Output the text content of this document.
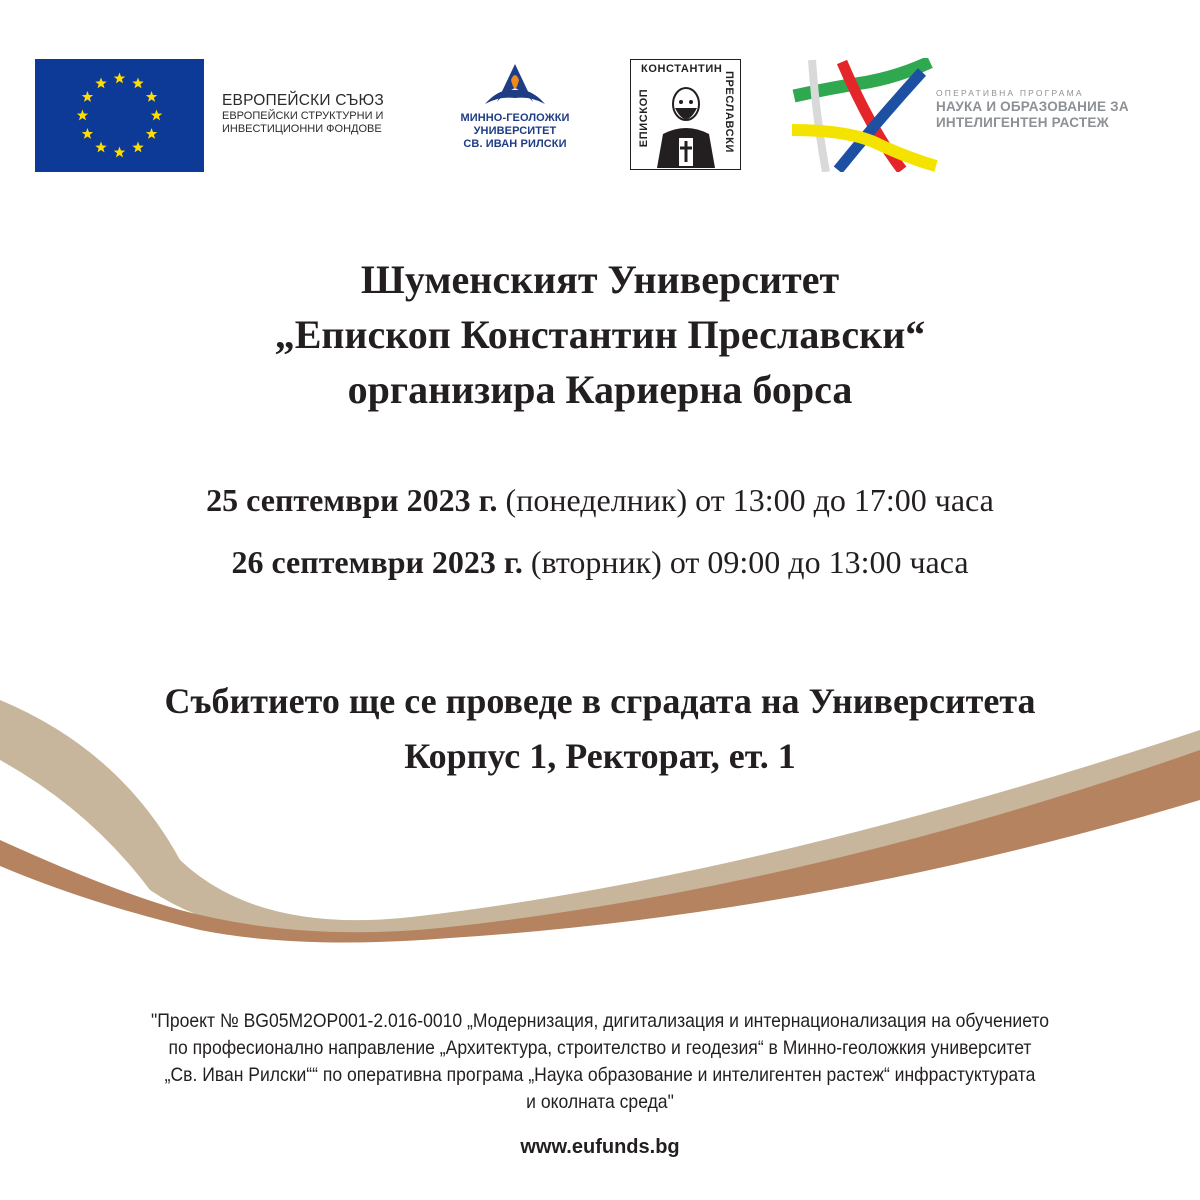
ЕВРОПЕЙСКИ СЪЮЗ
ЕВРОПЕЙСКИ СТРУКТУРНИ И
ИНВЕСТИЦИОННИ ФОНДОВЕ
МИННО-ГЕОЛОЖКИ
УНИВЕРСИТЕТ
СВ. ИВАН РИЛСКИ
КОНСТАНТИН
ЕПИСКОП	ПРЕСЛАВСКИ	ОПЕРАТИВНА ПРОГРАМА
НАУКА И ОБРАЗОВАНИЕ ЗА
ИНТЕЛИГЕНТЕН РАСТЕЖ
Шуменският Университет
„Епископ Константин Преславски“
организира Кариерна борса
25 септември 2023 г. (понеделник) от 13:00 до 17:00 часа
26 септември 2023 г. (вторник) от 09:00 до 13:00 часа
Събитието ще се проведе в сградата на Университета
Корпус 1, Ректорат, ет. 1
"Проект № BG05M2OP001-2.016-0010 „Модернизация, дигитализация и интернационализация на обучението
по професионално направление „Архитектура, строителство и геодезия“ в Минно-геоложкия университет
„Св. Иван Рилски““ по оперативна програма „Наука образование и интелигентен растеж“ инфрастуктурата
и околната среда"
www.eufunds.bg
